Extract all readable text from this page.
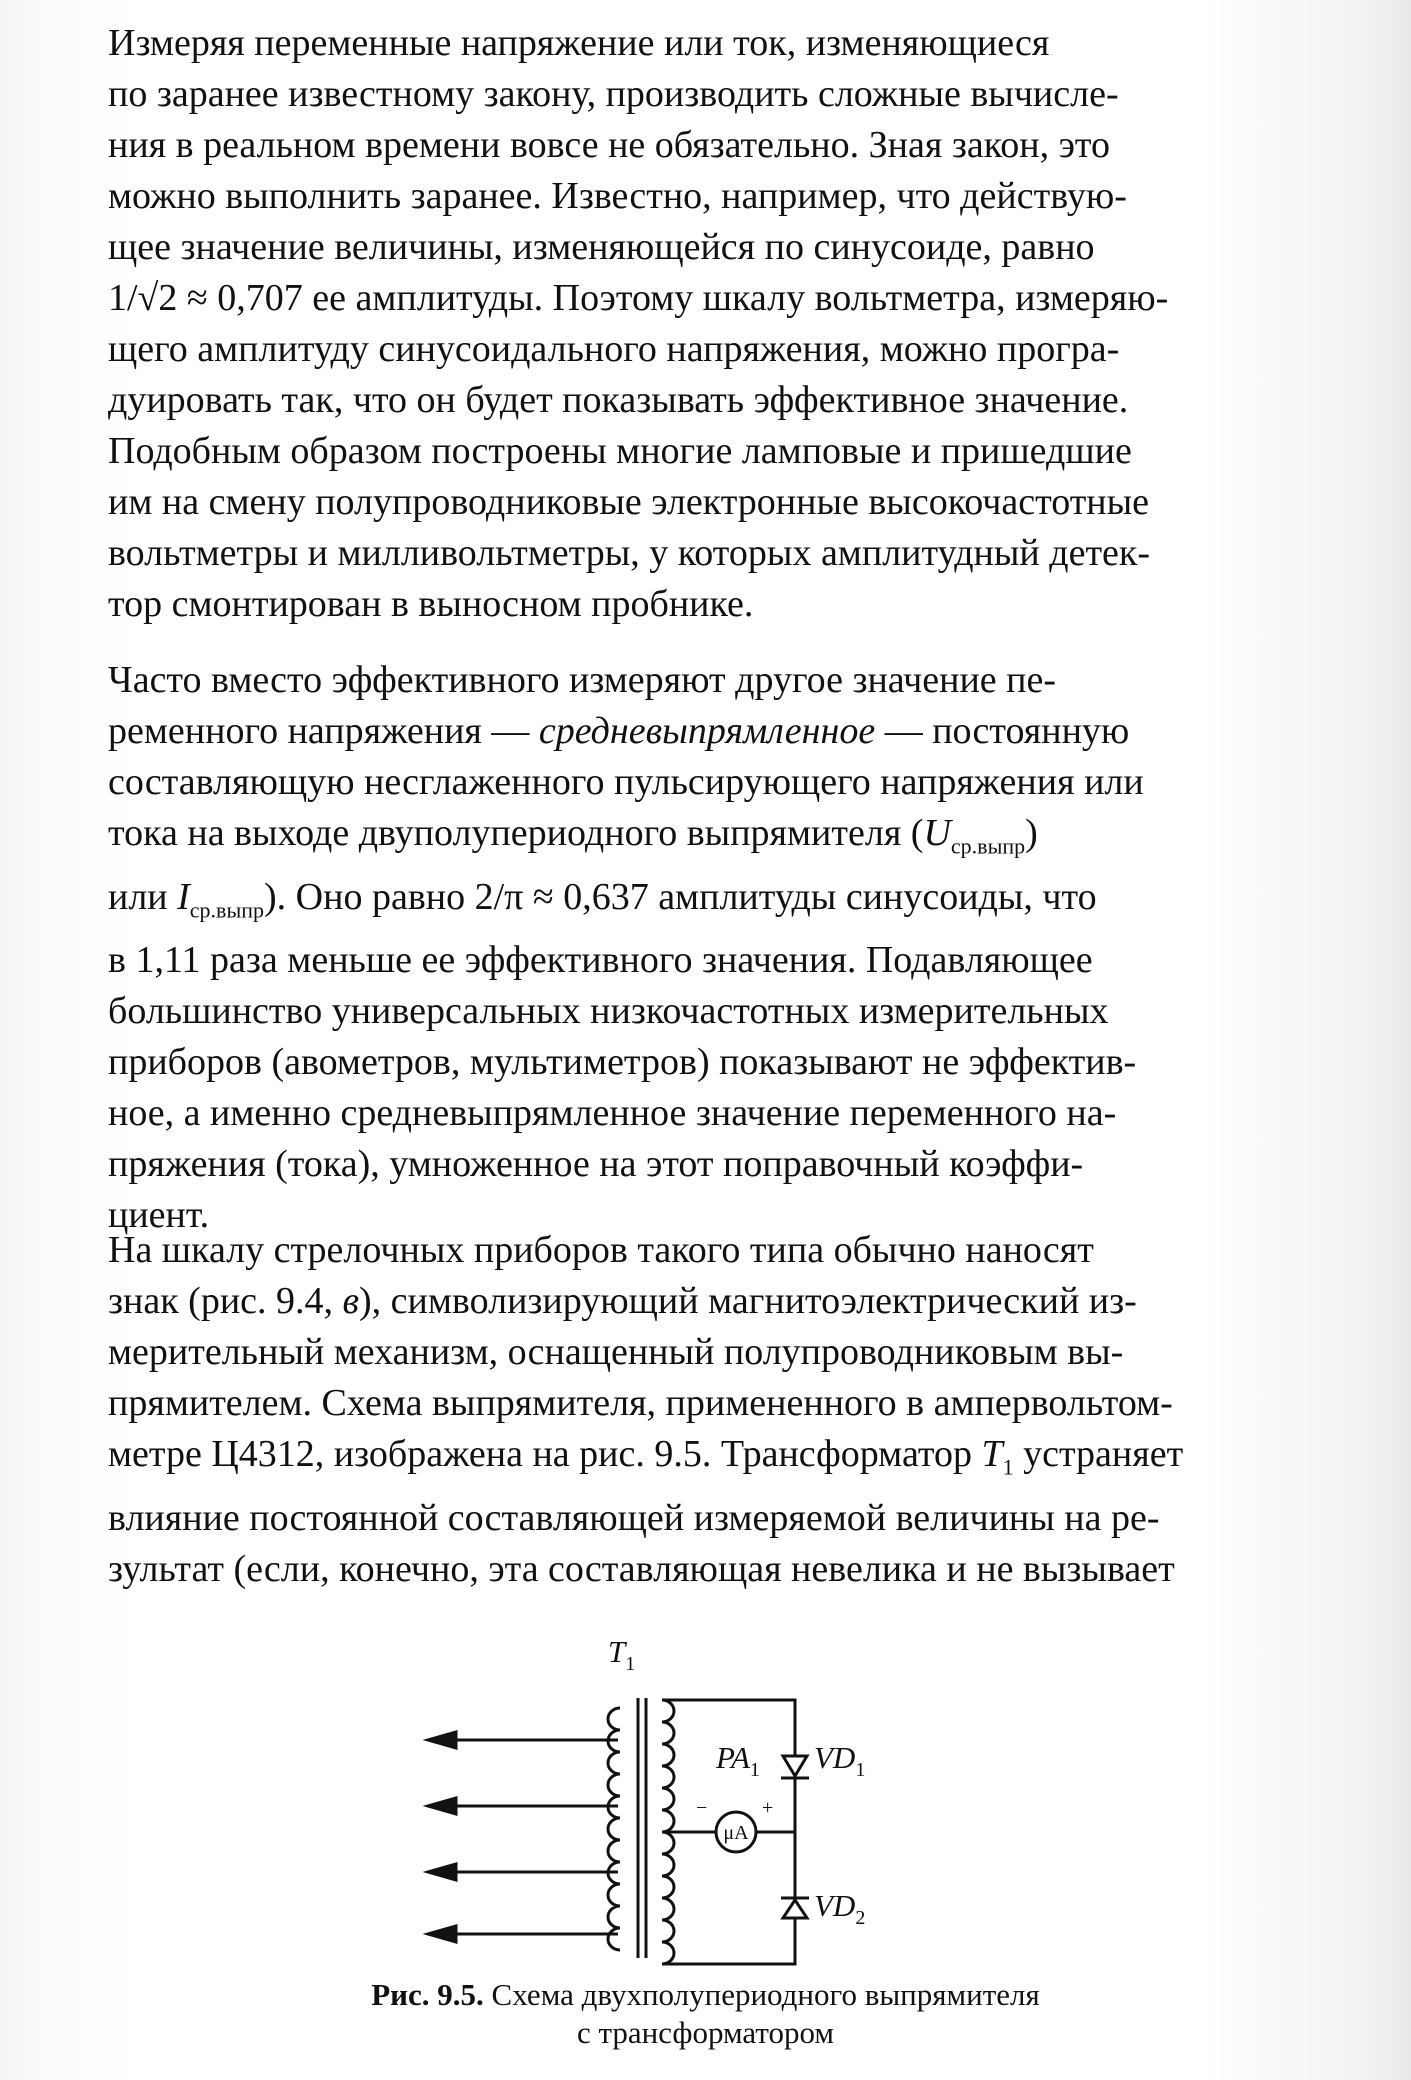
Измеряя переменные напряжение или ток, изменяющиеся
по заранее известному закону, производить сложные вычисле-
ния в реальном времени вовсе не обязательно. Зная закон, это
можно выполнить заранее. Известно, например, что действую-
щее значение величины, изменяющейся по синусоиде, равно
1/√2 ≈ 0,707 ее амплитуды. Поэтому шкалу вольтметра, измеряю-
щего амплитуду синусоидального напряжения, можно програ-
дуировать так, что он будет показывать эффективное значение.
Подобным образом построены многие ламповые и пришедшие
им на смену полупроводниковые электронные высокочастотные
вольтметры и милливольтметры, у которых амплитудный детек-
тор смонтирован в выносном пробнике.

Часто вместо эффективного измеряют другое значение пе-
ременного напряжения — средневыпрямленное — постоянную
составляющую несглаженного пульсирующего напряжения или
тока на выходе двуполупериодного выпрямителя $(U_{ср.выпр})$
или $I_{ср.выпр}$). Оно равно 2/π ≈ 0,637 амплитуды синусоиды, что
в 1,11 раза меньше ее эффективного значения. Подавляющее
большинство универсальных низкочастотных измерительных
приборов (авометров, мультиметров) показывают не эффектив-
ное, а именно средневыпрямленное значение переменного на-
пряжения (тока), умноженное на этот поправочный коэффи-
циент.

На шкалу стрелочных приборов такого типа обычно наносят
знак (рис. 9.4, в), символизирующий магнитоэлектрический из-
мерительный механизм, оснащенный полупроводниковым вы-
прямителем. Схема выпрямителя, примененного в ампервольтом-
метре Ц4312, изображена на рис. 9.5. Трансформатор $T_1$ устраняет
влияние постоянной составляющей измеряемой величины на ре-
зультат (если, конечно, эта составляющая невелика и не вызывает

$T_1$
$VD_1$
$VD_2$
μA
$PA_1$
−	+
Рис. 9.5. Схема двухполупериодного выпрямителя
с трансформатором
